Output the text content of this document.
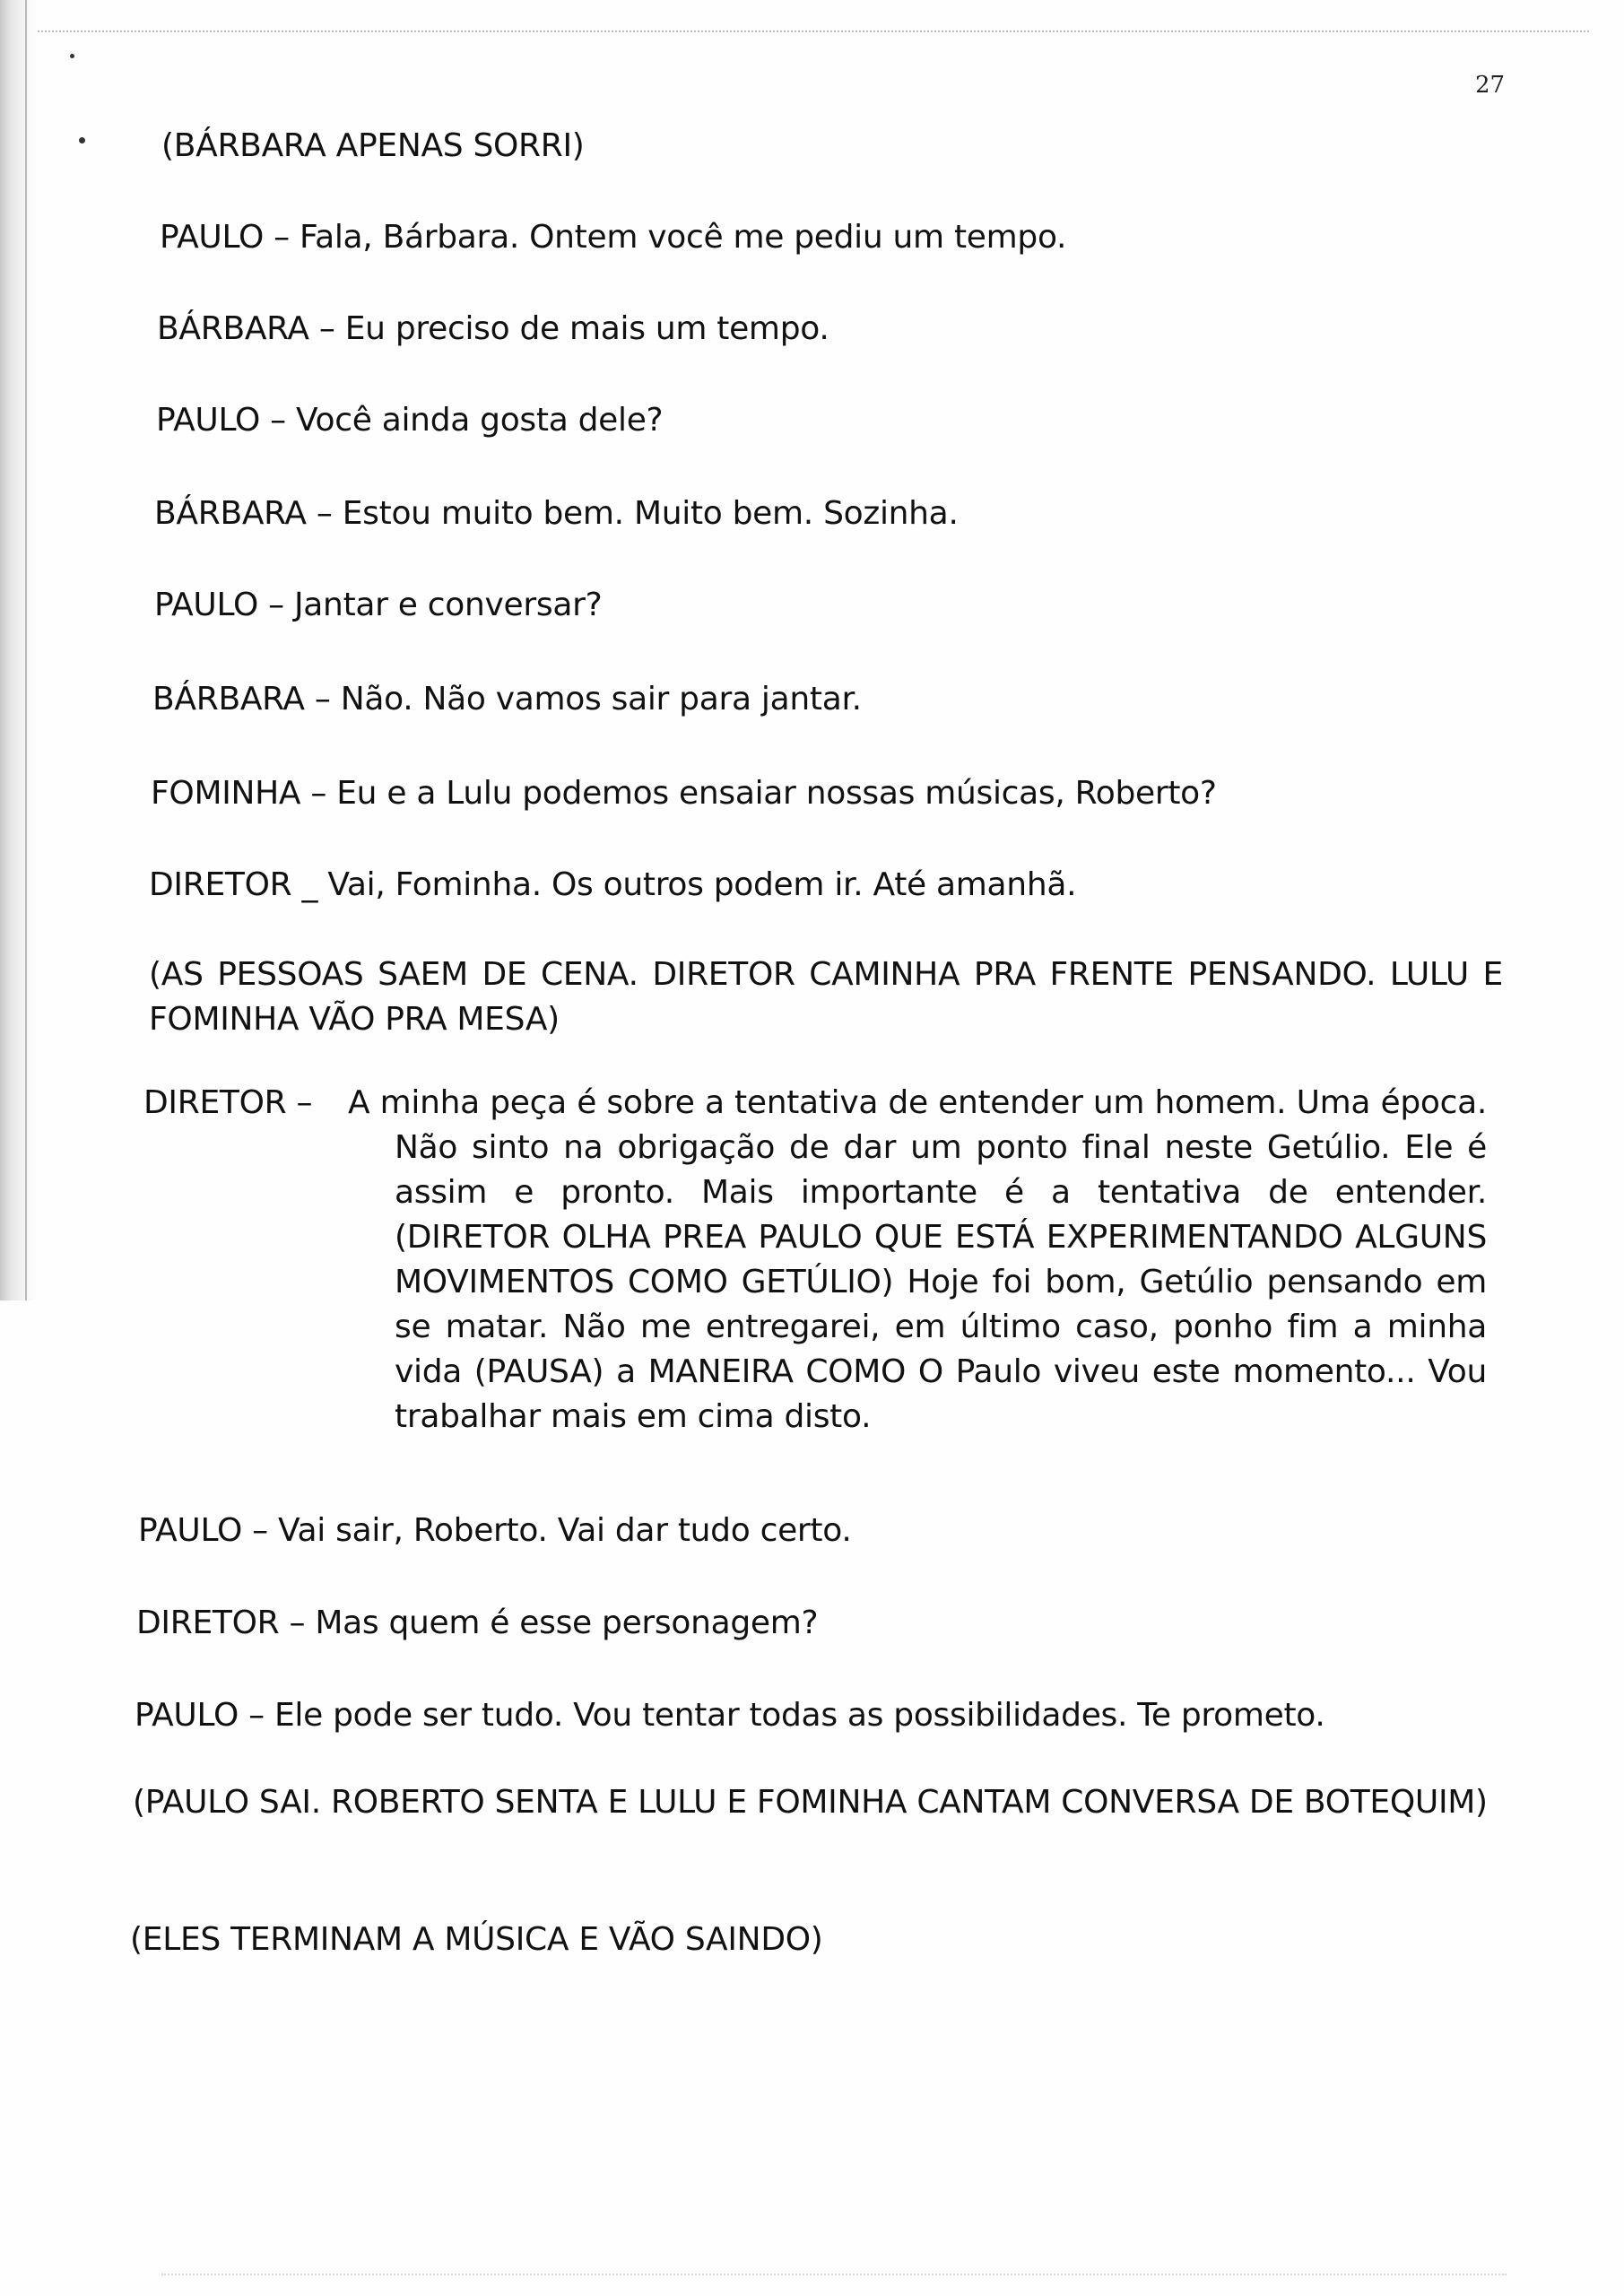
27
(BÁRBARA APENAS SORRI)
PAULO – Fala, Bárbara. Ontem você me pediu um tempo.
BÁRBARA – Eu preciso de mais um tempo.
PAULO – Você ainda gosta dele?
BÁRBARA – Estou muito bem. Muito bem. Sozinha.
PAULO – Jantar e conversar?
BÁRBARA – Não. Não vamos sair para jantar.
FOMINHA – Eu e a Lulu podemos ensaiar nossas músicas, Roberto?
DIRETOR _ Vai, Fominha. Os outros podem ir. Até amanhã.
(AS PESSOAS SAEM DE CENA. DIRETOR CAMINHA PRA FRENTE PENSANDO. LULU E FOMINHA VÃO PRA MESA)
DIRETOR – A minha peça é sobre a tentativa de entender um homem. Uma época. Não sinto na obrigação de dar um ponto final neste Getúlio. Ele é assim e pronto. Mais importante é a tentativa de entender. (DIRETOR OLHA PREA PAULO QUE ESTÁ EXPERIMENTANDO ALGUNS MOVIMENTOS COMO GETÚLIO) Hoje foi bom, Getúlio pensando em se matar. Não me entregarei, em último caso, ponho fim a minha vida (PAUSA) a MANEIRA COMO O Paulo viveu este momento... Vou trabalhar mais em cima disto.
PAULO – Vai sair, Roberto. Vai dar tudo certo.
DIRETOR – Mas quem é esse personagem?
PAULO – Ele pode ser tudo. Vou tentar todas as possibilidades. Te prometo.
(PAULO SAI. ROBERTO SENTA E LULU E FOMINHA CANTAM CONVERSA DE BOTEQUIM)
(ELES TERMINAM A MÚSICA E VÃO SAINDO)
